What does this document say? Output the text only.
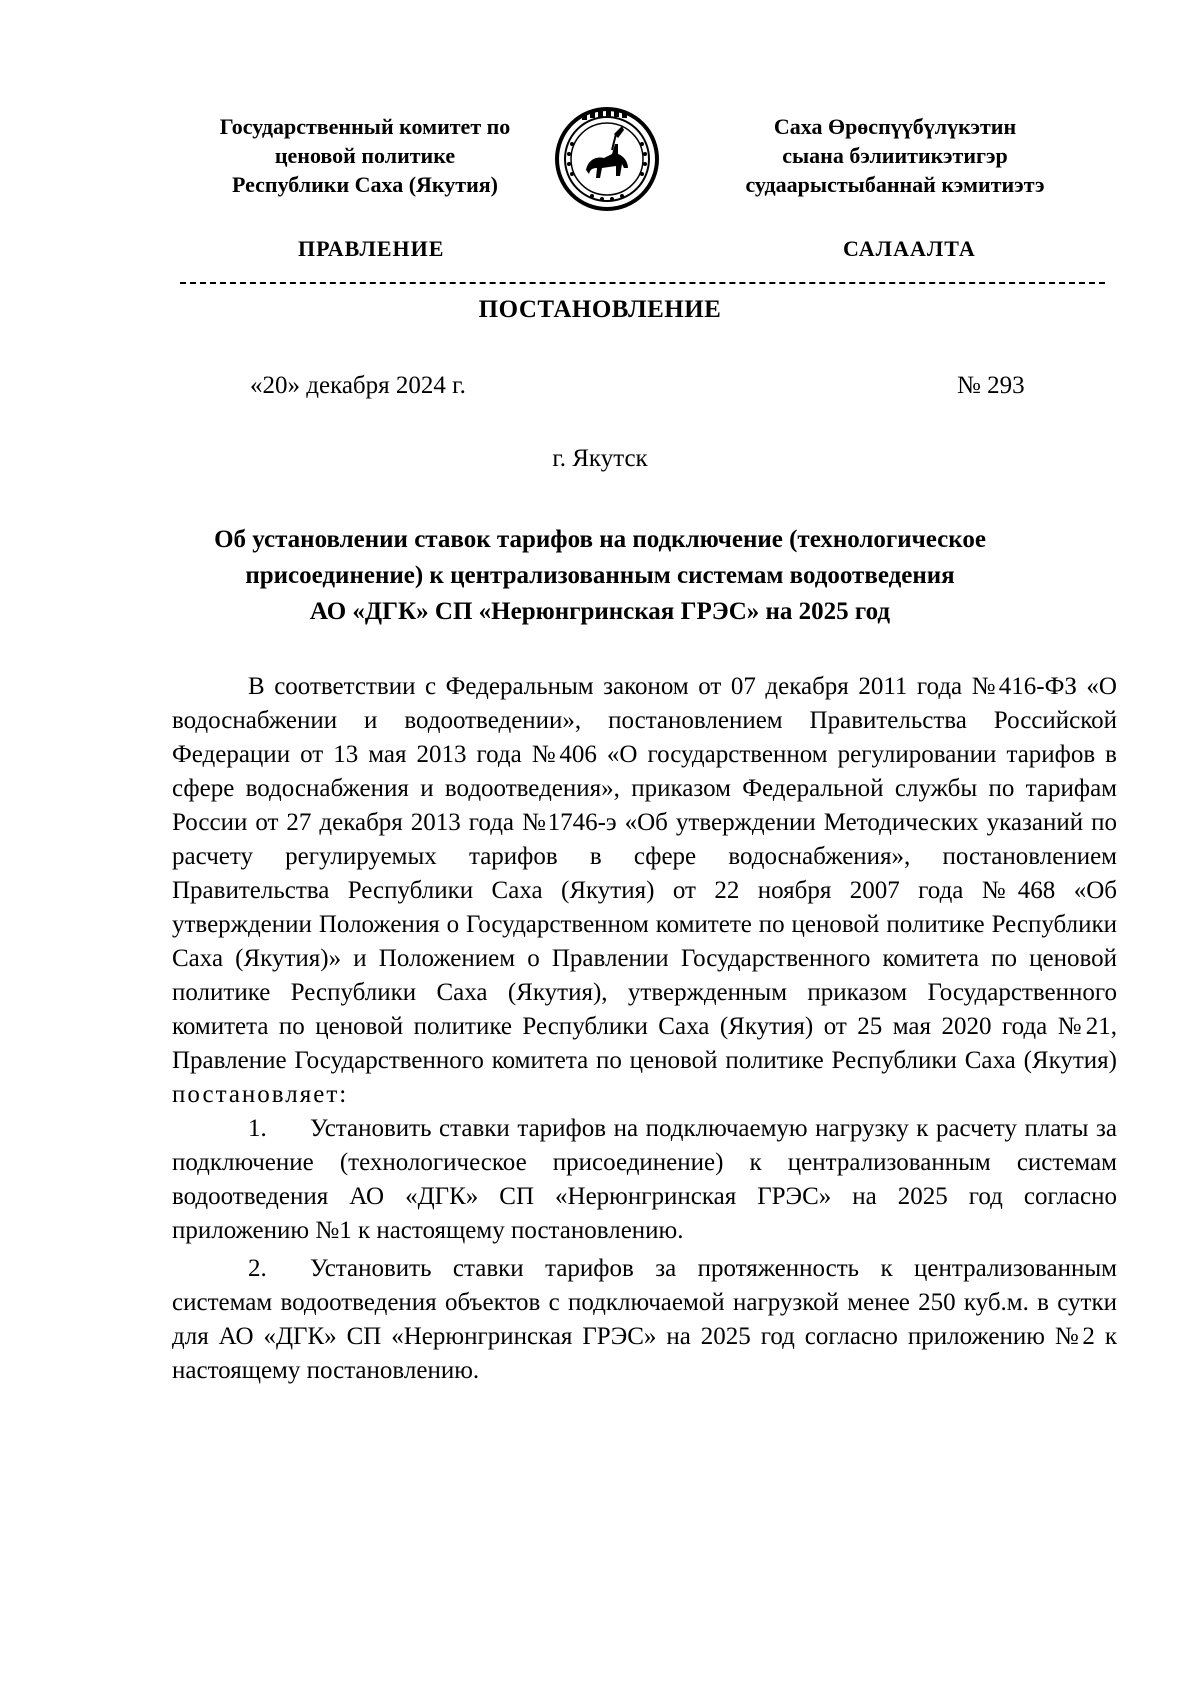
Государственный комитет по
ценовой политике
Республики Саха (Якутия)
Саха Өрөспүүбүлүкэтин
сыана бэлиитикэтигэр
судаарыстыбаннай кэмитиэтэ
ПРАВЛЕНИЕ	САЛААЛТА
ПОСТАНОВЛЕНИЕ
«20» декабря 2024 г.	№ 293
г. Якутск
Об установлении ставок тарифов на подключение (технологическое
присоединение) к централизованным системам водоотведения
АО «ДГК» СП «Нерюнгринская ГРЭС» на 2025 год

В соответствии с Федеральным законом от 07 декабря 2011 года №416-ФЗ «О водоснабжении и водоотведении», постановлением Правительства Российской Федерации от 13 мая 2013 года №406 «О государственном регулировании тарифов в сфере водоснабжения и водоотведения», приказом Федеральной службы по тарифам России от 27 декабря 2013 года №1746-э «Об утверждении Методических указаний по расчету регулируемых тарифов в сфере водоснабжения», постановлением Правительства Республики Саха (Якутия) от 22 ноября 2007 года №468 «Об утверждении Положения о Государственном комитете по ценовой политике Республики Саха (Якутия)» и Положением о Правлении Государственного комитета по ценовой политике Республики Саха (Якутия), утвержденным приказом Государственного комитета по ценовой политике Республики Саха (Якутия) от 25 мая 2020 года №21, Правление Государственного комитета по ценовой политике Республики Саха (Якутия) постановляет:

1. Установить ставки тарифов на подключаемую нагрузку к расчету платы за подключение (технологическое присоединение) к централизованным системам водоотведения АО «ДГК» СП «Нерюнгринская ГРЭС» на 2025 год согласно приложению №1 к настоящему постановлению.

2. Установить ставки тарифов за протяженность к централизованным системам водоотведения объектов с подключаемой нагрузкой менее 250 куб.м. в сутки для АО «ДГК» СП «Нерюнгринская ГРЭС» на 2025 год согласно приложению №2 к настоящему постановлению.
